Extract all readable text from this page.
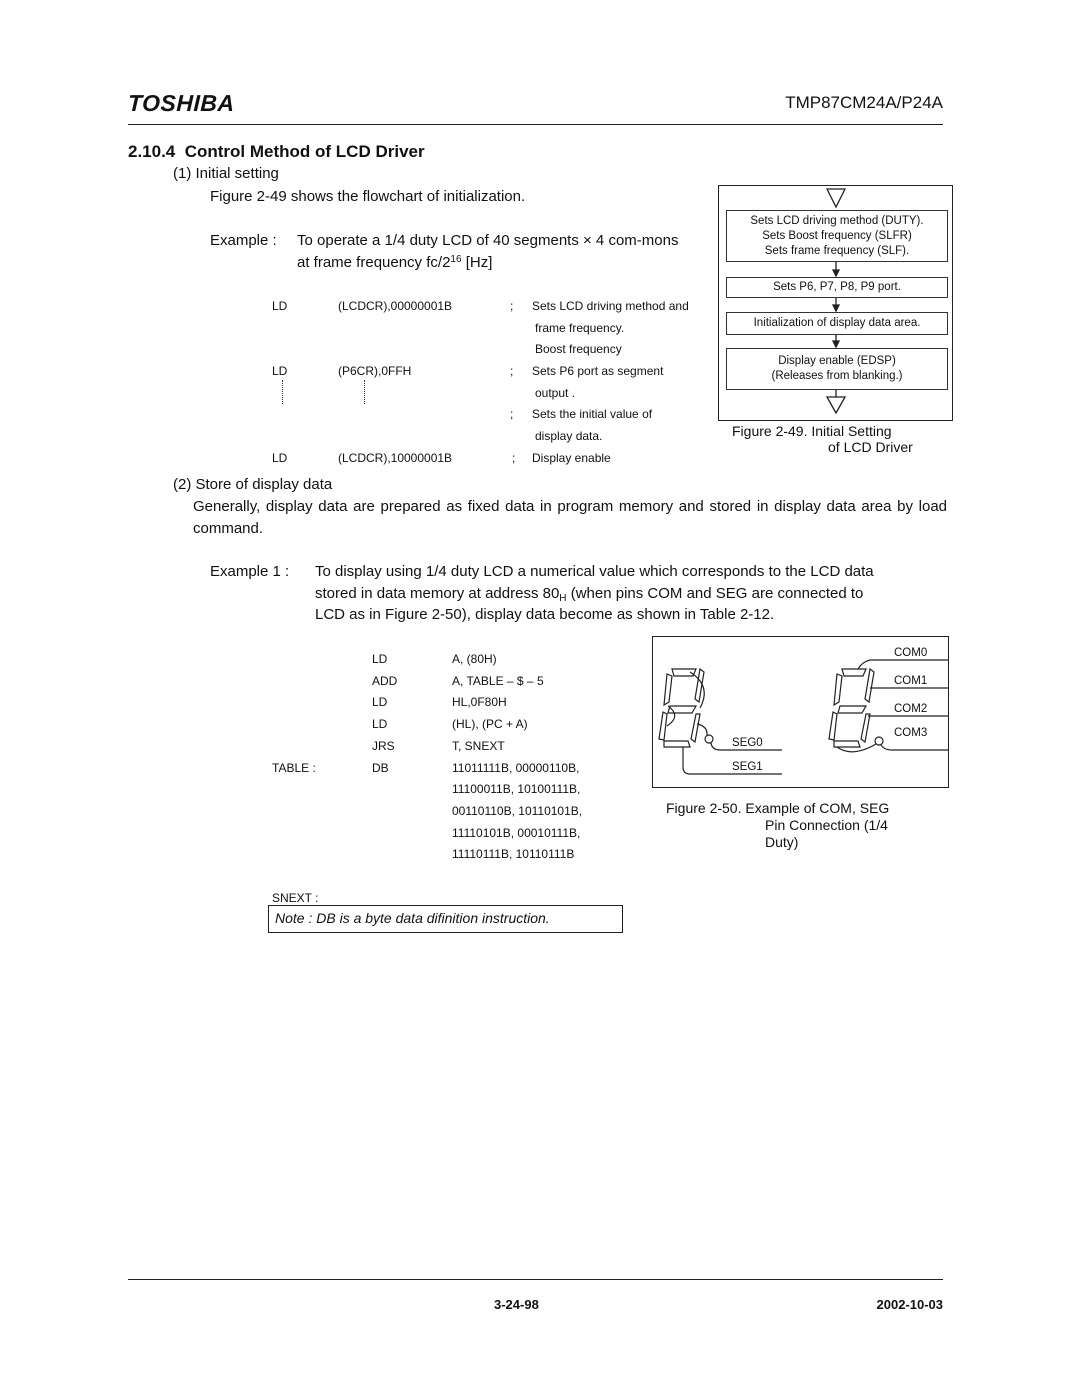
TOSHIBA	TMP87CM24A/P24A
2.10.4 Control Method of LCD Driver
(1) Initial setting
Figure 2-49 shows the flowchart of initialization.
Example : To operate a 1/4 duty LCD of 40 segments × 4 com-mons
at frame frequency $fc/2^{16}$ [Hz]
LD	(LCDCR),00000001B	; Sets LCD driving method and
frame frequency.
Boost frequency
LD	(P6CR),0FFH	; Sets P6 port as segment
output .
; Sets the initial value of
display data.
LD	(LCDCR),10000001B	; Display enable
Sets LCD driving method (DUTY).
Sets Boost frequency (SLFR)
Sets frame frequency (SLF).
Sets P6, P7, P8, P9 port.
Initialization of display data area.
Display enable (EDSP)
(Releases from blanking.)
Figure 2-49. Initial Setting
of LCD Driver
(2) Store of display data
Generally, display data are prepared as fixed data in program memory and stored in display data area by load command.
Example 1 : To display using 1/4 duty LCD a numerical value which corresponds to the LCD data
stored in data memory at address $80_H$ (when pins COM and SEG are connected to
LCD as in Figure 2-50), display data become as shown in Table 2-12.
LD	A, (80H)
ADD	A, TABLE – $ – 5
LD	HL,0F80H
LD	(HL), (PC + A)
JRS	T, SNEXT
TABLE :	DB	11011111B, 00000110B,
11100011B, 10100111B,
00110110B, 10110101B,
11110101B, 00010111B,
11110111B, 10110111B
SNEXT :
Note : DB is a byte data difinition instruction.
SEG0
SEG1
COM0
COM1
COM2
COM3
Figure 2-50. Example of COM, SEG
Pin Connection (1/4
Duty)
3-24-98	2002-10-03
